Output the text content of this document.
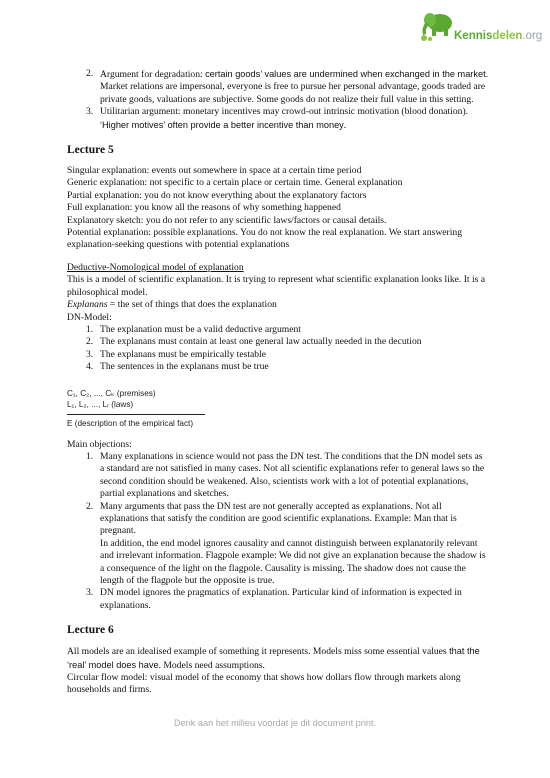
Kennisdelen.org
2. Argument for degradation: certain goods’ values are undermined when exchanged in the market. Market relations are impersonal, everyone is free to pursue her personal advantage, goods traded are private goods, valuations are subjective. Some goods do not realize their full value in this setting.
3. Utilitarian argument: monetary incentives may crowd-out intrinsic motivation (blood donation). ‘Higher motives’ often provide a better incentive than money.
Lecture 5

Singular explanation: events out somewhere in space at a certain time period

Generic explanation: not specific to a certain place or certain time. General explanation

Partial explanation: you do not know everything about the explanatory factors

Full explanation: you know all the reasons of why something happened

Explanatory sketch: you do not refer to any scientific laws/factors or causal details.

Potential explanation: possible explanations. You do not know the real explanation. We start answering explanation-seeking questions with potential explanations

Deductive-Nomological model of explanation

This is a model of scientific explanation. It is trying to represent what scientific explanation looks like. It is a philosophical model.

Explanans = the set of things that does the explanation

DN-Model:

1. The explanation must be a valid deductive argument
2. The explanans must contain at least one general law actually needed in the decution
3. The explanans must be empirically testable
4. The sentences in the explanans must be true
C₁, C₂, ..., Cₖ (premises)
L₁, L₂, ..., Lᵣ (laws)
E (description of the empirical fact)

Main objections:

1. Many explanations in science would not pass the DN test. The conditions that the DN model sets as a standard are not satisfied in many cases. Not all scientific explanations refer to general laws so the second condition should be weakened. Also, scientists work with a lot of potential explanations, partial explanations and sketches.
2. Many arguments that pass the DN test are not generally accepted as explanations. Not all explanations that satisfy the condition are good scientific explanations. Example: Man that is pregnant.
In addition, the end model ignores causality and cannot distinguish between explanatorily relevant and irrelevant information. Flagpole example: We did not give an explanation because the shadow is a consequence of the light on the flagpole. Causality is missing. The shadow does not cause the length of the flagpole but the opposite is true.
3. DN model ignores the pragmatics of explanation. Particular kind of information is expected in explanations.
Lecture 6

All models are an idealised example of something it represents. Models miss some essential values that the ‘real’ model does have. Models need assumptions.

Circular flow model: visual model of the economy that shows how dollars flow through markets along households and firms.

Denk aan het milieu voordat je dit document print.
